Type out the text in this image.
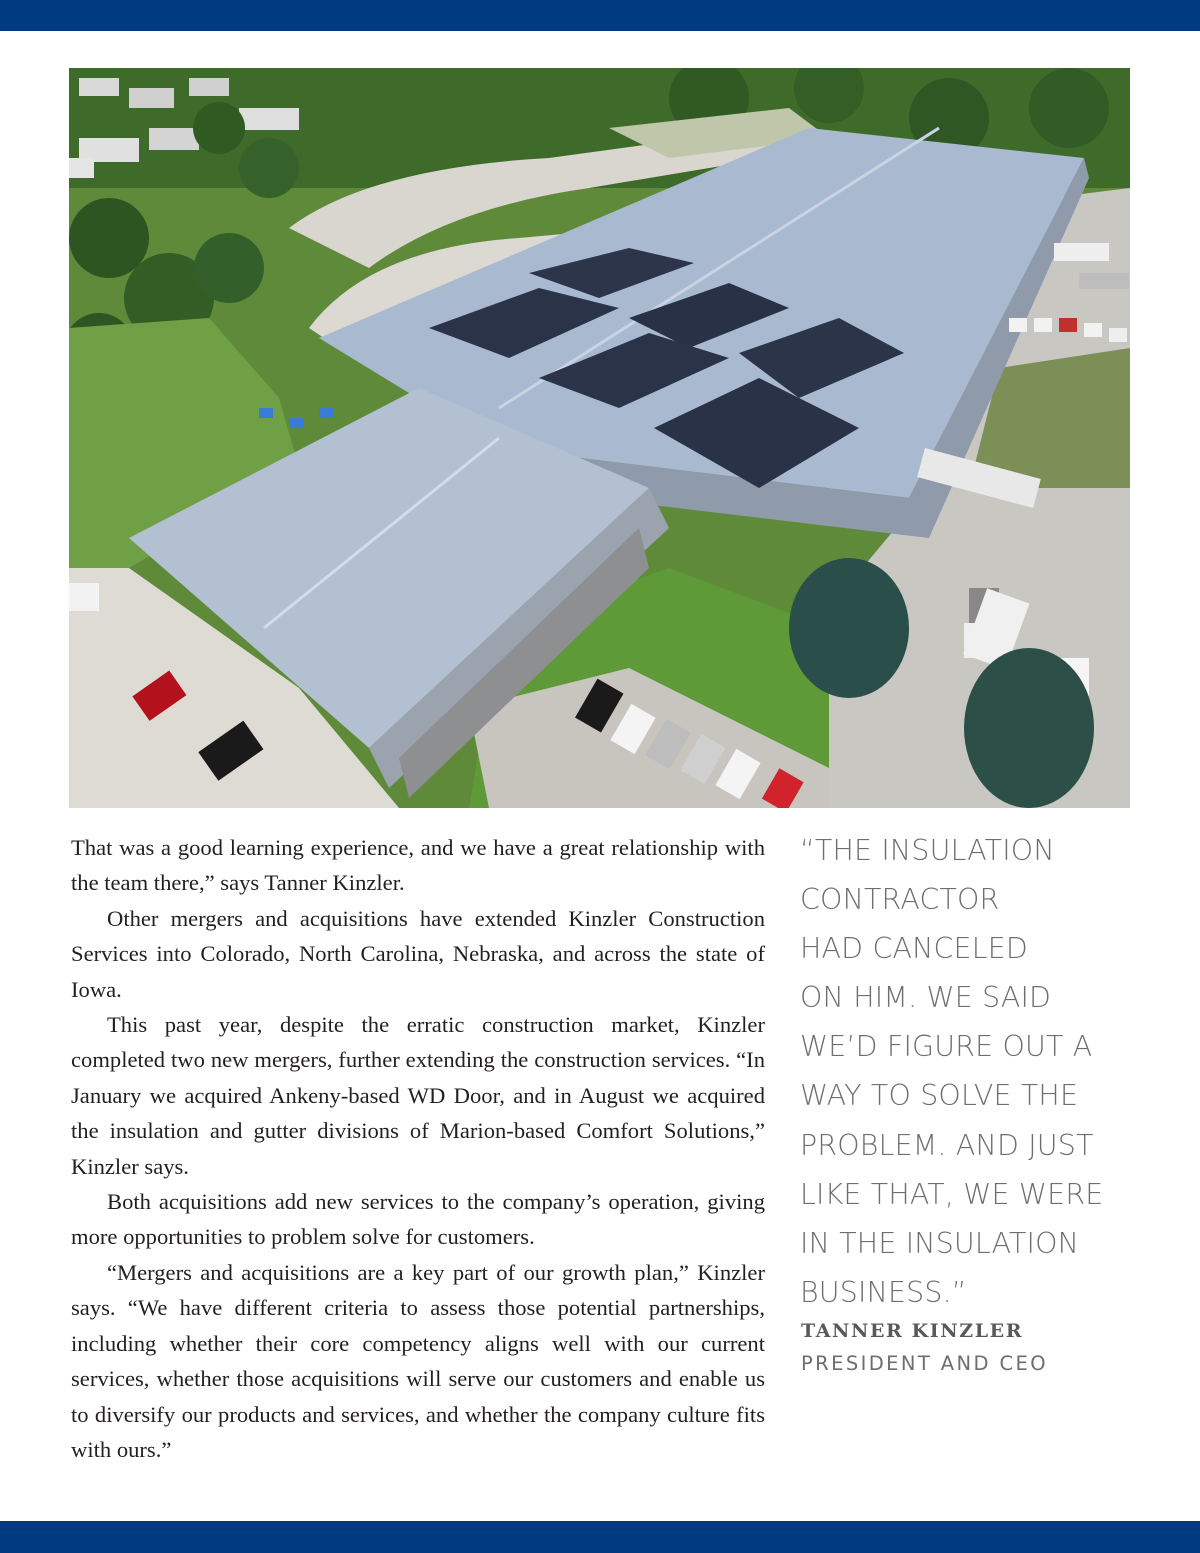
That was a good learning experience, and we have a great relationship with the team there,” says Tanner Kinzler.

Other mergers and acquisitions have extended Kinzler Construction Services into Colorado, North Carolina, Nebraska, and across the state of Iowa.

This past year, despite the erratic construction market, Kinzler completed two new mergers, further extending the construction services. “In January we acquired Ankeny-based WD Door, and in August we acquired the insulation and gutter divisions of Marion-based Comfort Solutions,” Kinzler says.

Both acquisitions add new services to the company’s operation, giving more opportunities to problem solve for customers.

“Mergers and acquisitions are a key part of our growth plan,” Kinzler says. “We have different criteria to assess those potential partnerships, including whether their core competency aligns well with our current services, whether those acquisitions will serve our customers and enable us to diversify our products and services, and whether the company culture fits with ours.”

“THE INSULATION
CONTRACTOR
HAD CANCELED
ON HIM. WE SAID
WE’D FIGURE OUT A
WAY TO SOLVE THE
PROBLEM. AND JUST
LIKE THAT, WE WERE
IN THE INSULATION
BUSINESS.”
TANNER KINZLER
PRESIDENT AND CEO
